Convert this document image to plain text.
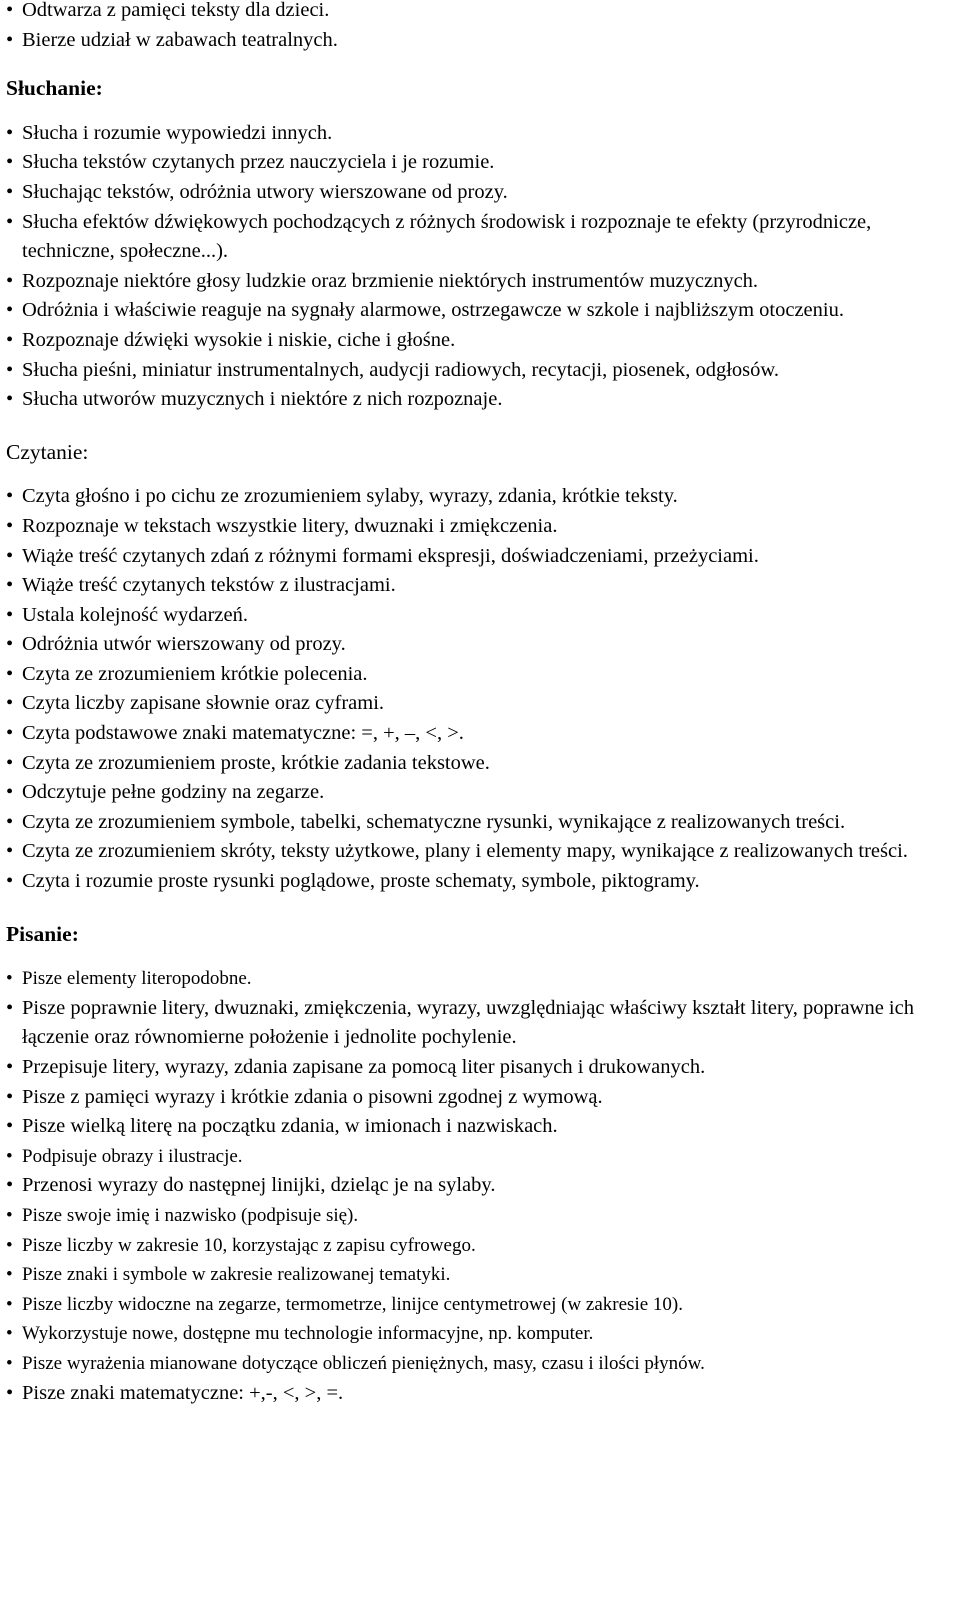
• Odtwarza z pamięci teksty dla dzieci.
• Bierze udział w zabawach teatralnych.
Słuchanie:
• Słucha i rozumie wypowiedzi innych.
• Słucha tekstów czytanych przez nauczyciela i je rozumie.
• Słuchając tekstów, odróżnia utwory wierszowane od prozy.
• Słucha efektów dźwiękowych pochodzących z różnych środowisk i rozpoznaje te efekty (przyrodnicze, techniczne, społeczne...).
• Rozpoznaje niektóre głosy ludzkie oraz brzmienie niektórych instrumentów muzycznych.
• Odróżnia i właściwie reaguje na sygnały alarmowe, ostrzegawcze w szkole i najbliższym otoczeniu.
• Rozpoznaje dźwięki wysokie i niskie, ciche i głośne.
• Słucha pieśni, miniatur instrumentalnych, audycji radiowych, recytacji, piosenek, odgłosów.
• Słucha utworów muzycznych i niektóre z nich rozpoznaje.
Czytanie:
• Czyta głośno i po cichu ze zrozumieniem sylaby, wyrazy, zdania, krótkie teksty.
• Rozpoznaje w tekstach wszystkie litery, dwuznaki i zmiękczenia.
• Wiąże treść czytanych zdań z różnymi formami ekspresji, doświadczeniami, przeżyciami.
• Wiąże treść czytanych tekstów z ilustracjami.
• Ustala kolejność wydarzeń.
• Odróżnia utwór wierszowany od prozy.
• Czyta ze zrozumieniem krótkie polecenia.
• Czyta liczby zapisane słownie oraz cyframi.
• Czyta podstawowe znaki matematyczne: =, +, –, <, >.
• Czyta ze zrozumieniem proste, krótkie zadania tekstowe.
• Odczytuje pełne godziny na zegarze.
• Czyta ze zrozumieniem symbole, tabelki, schematyczne rysunki, wynikające z realizowanych treści.
• Czyta ze zrozumieniem skróty, teksty użytkowe, plany i elementy mapy, wynikające z realizowanych treści.
• Czyta i rozumie proste rysunki poglądowe, proste schematy, symbole, piktogramy.
Pisanie:
• Pisze elementy literopodobne.
• Pisze poprawnie litery, dwuznaki, zmiękczenia, wyrazy, uwzględniając właściwy kształt litery, poprawne ich łączenie oraz równomierne położenie i jednolite pochylenie.
• Przepisuje litery, wyrazy, zdania zapisane za pomocą liter pisanych i drukowanych.
• Pisze z pamięci wyrazy i krótkie zdania o pisowni zgodnej z wymową.
• Pisze wielką literę na początku zdania, w imionach i nazwiskach.
• Podpisuje obrazy i ilustracje.
• Przenosi wyrazy do następnej linijki, dzieląc je na sylaby.
• Pisze swoje imię i nazwisko (podpisuje się).
• Pisze liczby w zakresie 10, korzystając z zapisu cyfrowego.
• Pisze znaki i symbole w zakresie realizowanej tematyki.
• Pisze liczby widoczne na zegarze, termometrze, linijce centymetrowej (w zakresie 10).
• Wykorzystuje nowe, dostępne mu technologie informacyjne, np. komputer.
• Pisze wyrażenia mianowane dotyczące obliczeń pieniężnych, masy, czasu i ilości płynów.
• Pisze znaki matematyczne: +,-, <, >, =.
